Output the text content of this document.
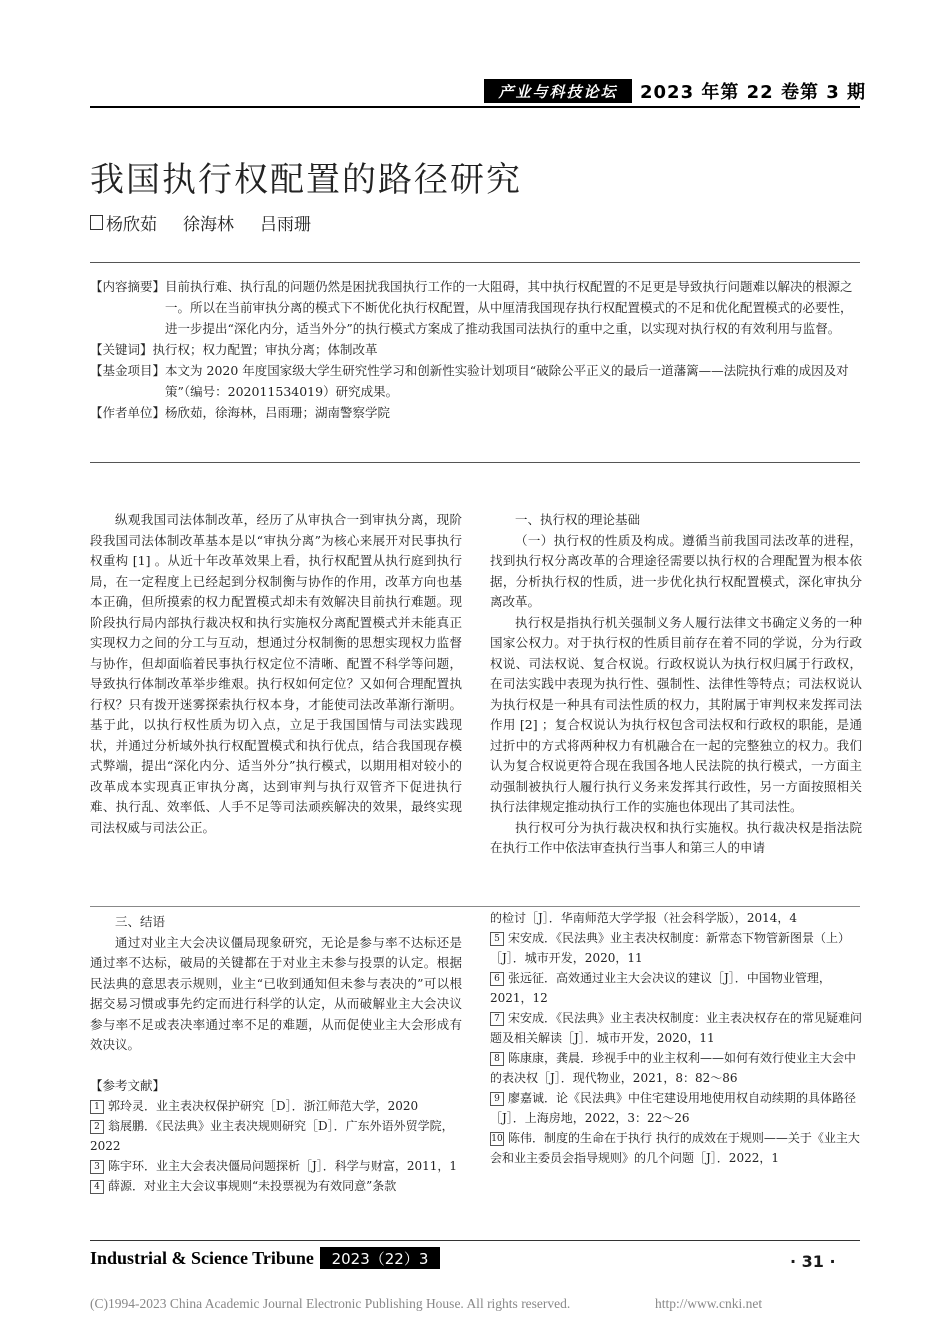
产业与科技论坛	2023 年第 22 卷第 3 期
我国执行权配置的路径研究
杨欣茹 徐海林 吕雨珊
【内容摘要】 目前执行难、执行乱的问题仍然是困扰我国执行工作的一大阻碍，其中执行权配置的不足更是导致执行问题难以解决的根源之一。所以在当前审执分离的模式下不断优化执行权配置，从中厘清我国现存执行权配置模式的不足和优化配置模式的必要性，进一步提出“深化内分，适当外分”的执行模式方案成了推动我国司法执行的重中之重，以实现对执行权的有效利用与监督。
【关键词】 执行权；权力配置；审执分离；体制改革
【基金项目】 本文为 2020 年度国家级大学生研究性学习和创新性实验计划项目“破除公平正义的最后一道藩篱——法院执行难的成因及对策”（编号：202011534019）研究成果。
【作者单位】 杨欣茹，徐海林，吕雨珊；湖南警察学院

纵观我国司法体制改革，经历了从审执合一到审执分离，现阶段我国司法体制改革基本是以“审执分离”为核心来展开对民事执行权重构 [1] 。从近十年改革效果上看，执行权配置从执行庭到执行局，在一定程度上已经起到分权制衡与协作的作用，改革方向也基本正确，但所摸索的权力配置模式却未有效解决目前执行难题。现阶段执行局内部执行裁决权和执行实施权分离配置模式并未能真正实现权力之间的分工与互动，想通过分权制衡的思想实现权力监督与协作，但却面临着民事执行权定位不清晰、配置不科学等问题，导致执行体制改革举步维艰。执行权如何定位？又如何合理配置执行权？只有拨开迷雾探索执行权本身，才能使司法改革渐行渐明。基于此，以执行权性质为切入点，立足于我国国情与司法实践现状，并通过分析域外执行权配置模式和执行优点，结合我国现存模式弊端，提出“深化内分、适当外分”执行模式，以期用相对较小的改革成本实现真正审执分离，达到审判与执行双管齐下促进执行难、执行乱、效率低、人手不足等司法顽疾解决的效果，最终实现司法权威与司法公正。

一、执行权的理论基础

（一）执行权的性质及构成。遵循当前我国司法改革的进程，找到执行权分离改革的合理途径需要以执行权的合理配置为根本依据，分析执行权的性质，进一步优化执行权配置模式，深化审执分离改革。

执行权是指执行机关强制义务人履行法律文书确定义务的一种国家公权力。对于执行权的性质目前存在着不同的学说，分为行政权说、司法权说、复合权说。行政权说认为执行权归属于行政权，在司法实践中表现为执行性、强制性、法律性等特点；司法权说认为执行权是一种具有司法性质的权力，其附属于审判权来发挥司法作用 [2] ；复合权说认为执行权包含司法权和行政权的职能，是通过折中的方式将两种权力有机融合在一起的完整独立的权力。我们认为复合权说更符合现在我国各地人民法院的执行模式，一方面主动强制被执行人履行执行义务来发挥其行政性，另一方面按照相关执行法律规定推动执行工作的实施也体现出了其司法性。

执行权可分为执行裁决权和执行实施权。执行裁决权是指法院在执行工作中依法审查执行当事人和第三人的申请

三、结语

通过对业主大会决议僵局现象研究，无论是参与率不达标还是通过率不达标，破局的关键都在于对业主未参与投票的认定。根据民法典的意思表示规则，业主“已收到通知但未参与表决的”可以根据交易习惯或事先约定而进行科学的认定，从而破解业主大会决议参与率不足或表决率通过率不足的难题，从而促使业主大会形成有效决议。

【参考文献】
1 郭玲灵．业主表决权保护研究［D］．浙江师范大学，2020
2 翁展鹏．《民法典》业主表决规则研究［D］．广东外语外贸学院，2022
3 陈宇环．业主大会表决僵局问题探析［J］．科学与财富，2011，1
4 薛源．对业主大会议事规则“未投票视为有效同意”条款
的检讨［J］．华南师范大学学报（社会科学版），2014，4
5 宋安成．《民法典》业主表决权制度：新常态下物管新图景（上）［J］．城市开发，2020，11
6 张远征．高效通过业主大会决议的建议［J］．中国物业管理，2021，12
7 宋安成．《民法典》业主表决权制度：业主表决权存在的常见疑难问题及相关解读［J］．城市开发，2020，11
8 陈康康，龚晨．珍视手中的业主权利——如何有效行使业主大会中的表决权［J］．现代物业，2021，8：82～86
9 廖嘉诚．论《民法典》中住宅建设用地使用权自动续期的具体路径［J］．上海房地，2022，3：22～26
10 陈伟．制度的生命在于执行 执行的成效在于规则——关于《业主大会和业主委员会指导规则》的几个问题［J］．2022，1
Industrial & Science Tribune	2023（22）3	· 31 ·
(C)1994-2023 China Academic Journal Electronic Publishing House. All rights reserved.	http://www.cnki.net
